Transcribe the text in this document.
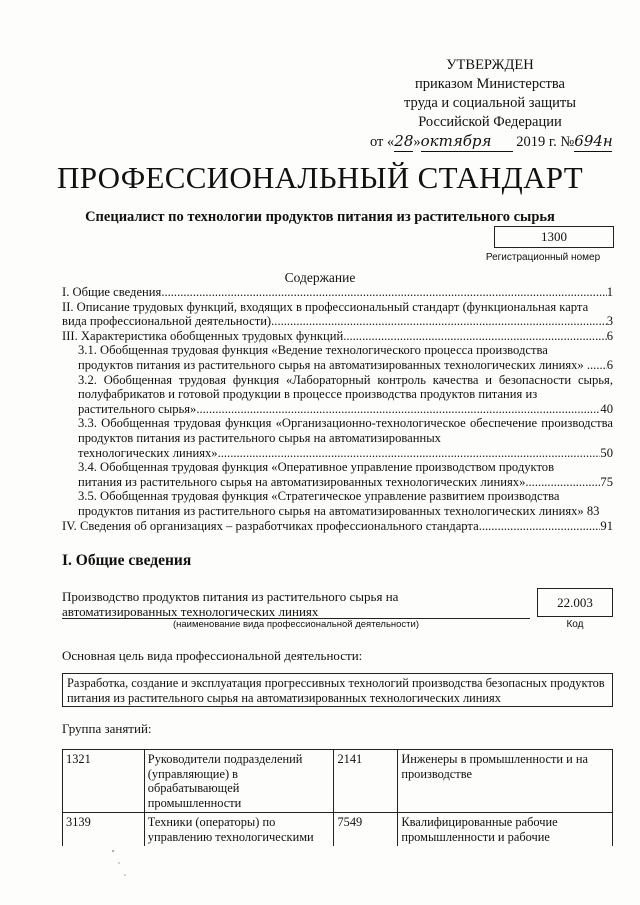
УТВЕРЖДЕН
приказом Министерства
труда и социальной защиты
Российской Федерации
от «28»октября 2019 г. №694н
ПРОФЕССИОНАЛЬНЫЙ СТАНДАРТ
Специалист по технологии продуктов питания из растительного сырья
1300
Регистрационный номер
Содержание
I. Общие сведения .....	1
II. Описание трудовых функций, входящих в профессиональный стандарт (функциональная карта
вида профессиональной деятельности) .....	3
III. Характеристика обобщенных трудовых функций .....	6
3.1. Обобщенная трудовая функция «Ведение технологического процесса производства
продуктов питания из растительного сырья на автоматизированных технологических линиях» .. ..... 6
3.2. Обобщенная трудовая функция «Лабораторный контроль качества и безопасности сырья, полуфабрикатов и готовой продукции в процессе производства продуктов питания из
растительного сырья» .....	40
3.3. Обобщенная трудовая функция «Организационно-технологическое обеспечение производства продуктов питания из растительного сырья на автоматизированных
технологических линиях» .....	50
3.4. Обобщенная трудовая функция «Оперативное управление производством продуктов
питания из растительного сырья на автоматизированных технологических линиях» .....	75
3.5. Обобщенная трудовая функция «Стратегическое управление развитием производства
продуктов питания из растительного сырья на автоматизированных технологических линиях» 83
IV. Сведения об организациях – разработчиках профессионального стандарта .....	91
I. Общие сведения
Производство продуктов питания из растительного сырья на автоматизированных технологических линиях
(наименование вида профессиональной деятельности)
22.003
Код
Основная цель вида профессиональной деятельности:
Разработка, создание и эксплуатация прогрессивных технологий производства безопасных продуктов питания из растительного сырья на автоматизированных технологических линиях
Группа занятий:
1321	Руководители подразделений (управляющие) в обрабатывающей промышленности	2141	Инженеры в промышленности и на производстве
3139	Техники (операторы) по управлению технологическими	7549	Квалифицированные рабочие промышленности и рабочие
